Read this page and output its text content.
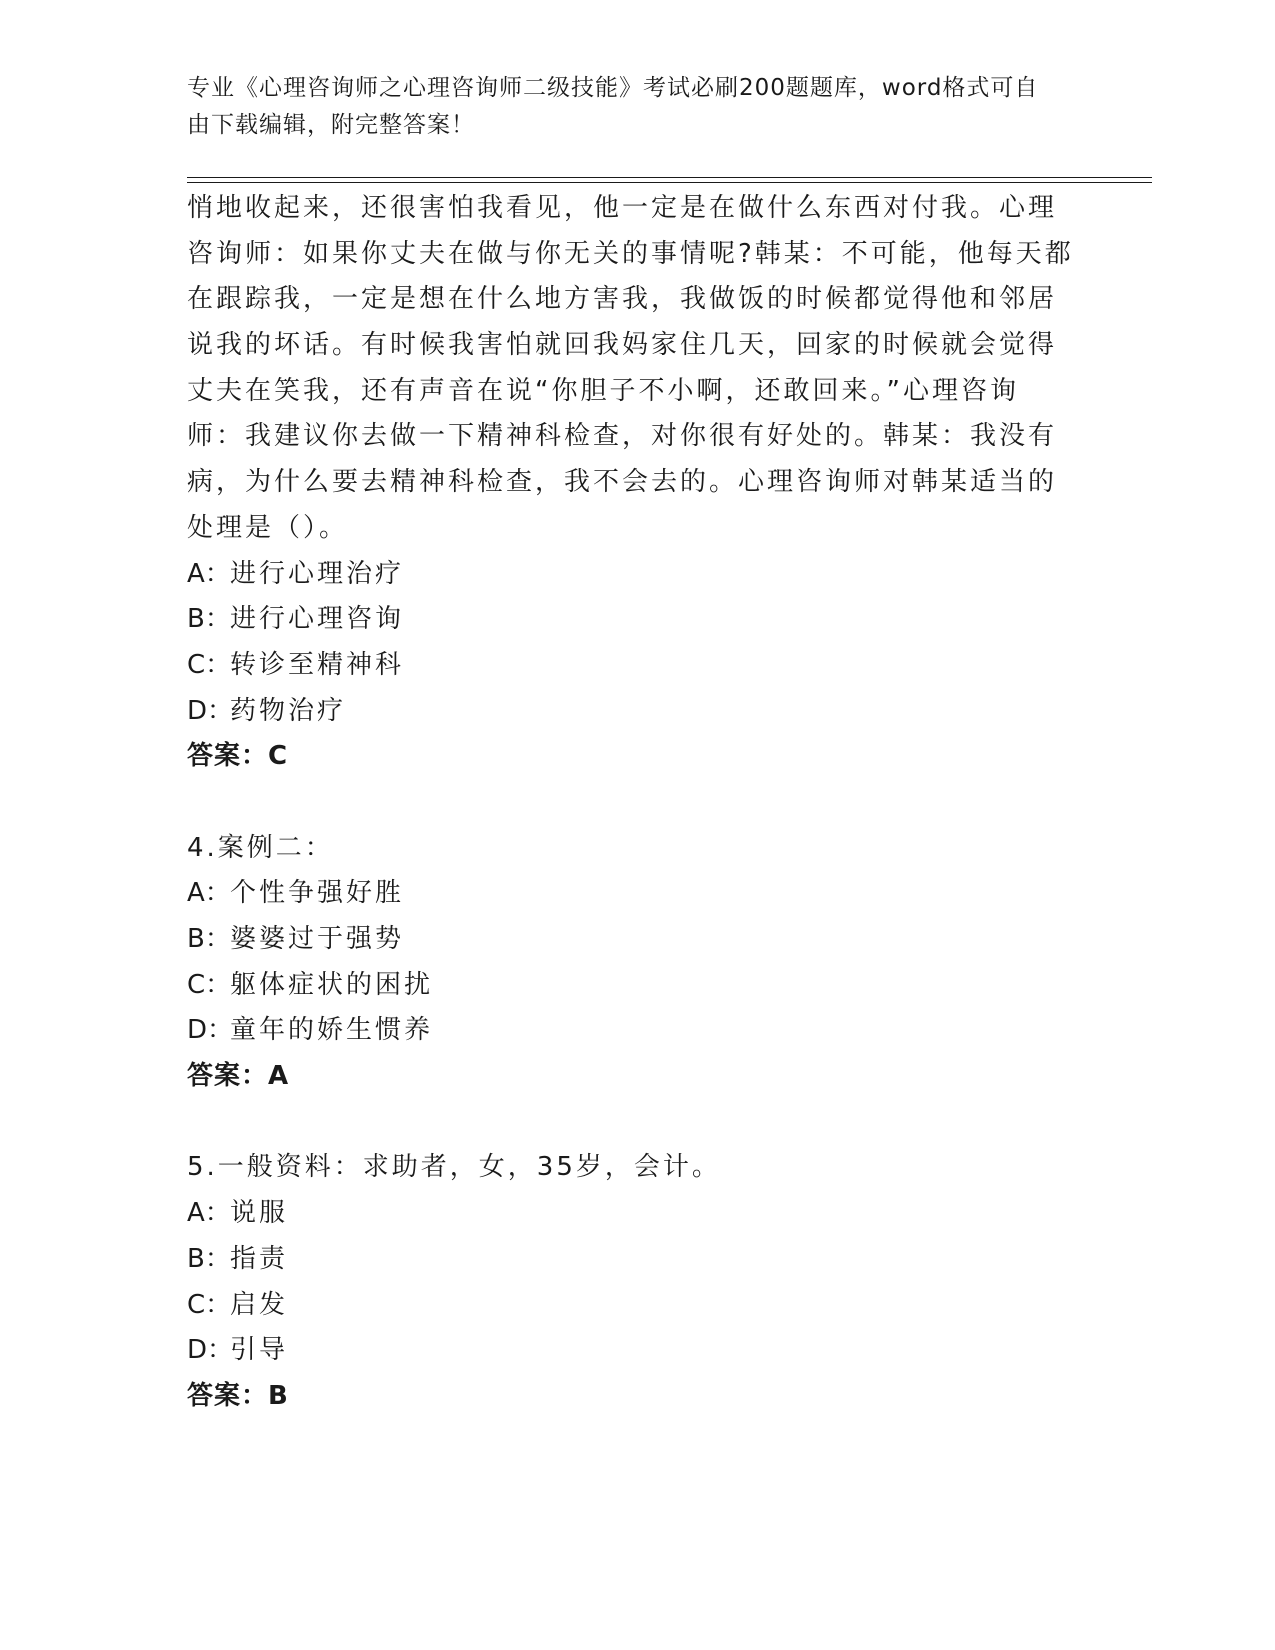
专业《心理咨询师之心理咨询师二级技能》考试必刷200题题库，word格式可自
由下载编辑，附完整答案！
悄地收起来，还很害怕我看见，他一定是在做什么东西对付我。心理
咨询师：如果你丈夫在做与你无关的事情呢?韩某：不可能，他每天都
在跟踪我，一定是想在什么地方害我，我做饭的时候都觉得他和邻居
说我的坏话。有时候我害怕就回我妈家住几天，回家的时候就会觉得
丈夫在笑我，还有声音在说“你胆子不小啊，还敢回来。”心理咨询
师：我建议你去做一下精神科检查，对你很有好处的。韩某：我没有
病，为什么要去精神科检查，我不会去的。心理咨询师对韩某适当的
处理是（）。
A：进行心理治疗
B：进行心理咨询
C：转诊至精神科
D：药物治疗
答案：C
4.案例二：
A：个性争强好胜
B：婆婆过于强势
C：躯体症状的困扰
D：童年的娇生惯养
答案：A
5.一般资料：求助者，女，35岁，会计。
A：说服
B：指责
C：启发
D：引导
答案：B
